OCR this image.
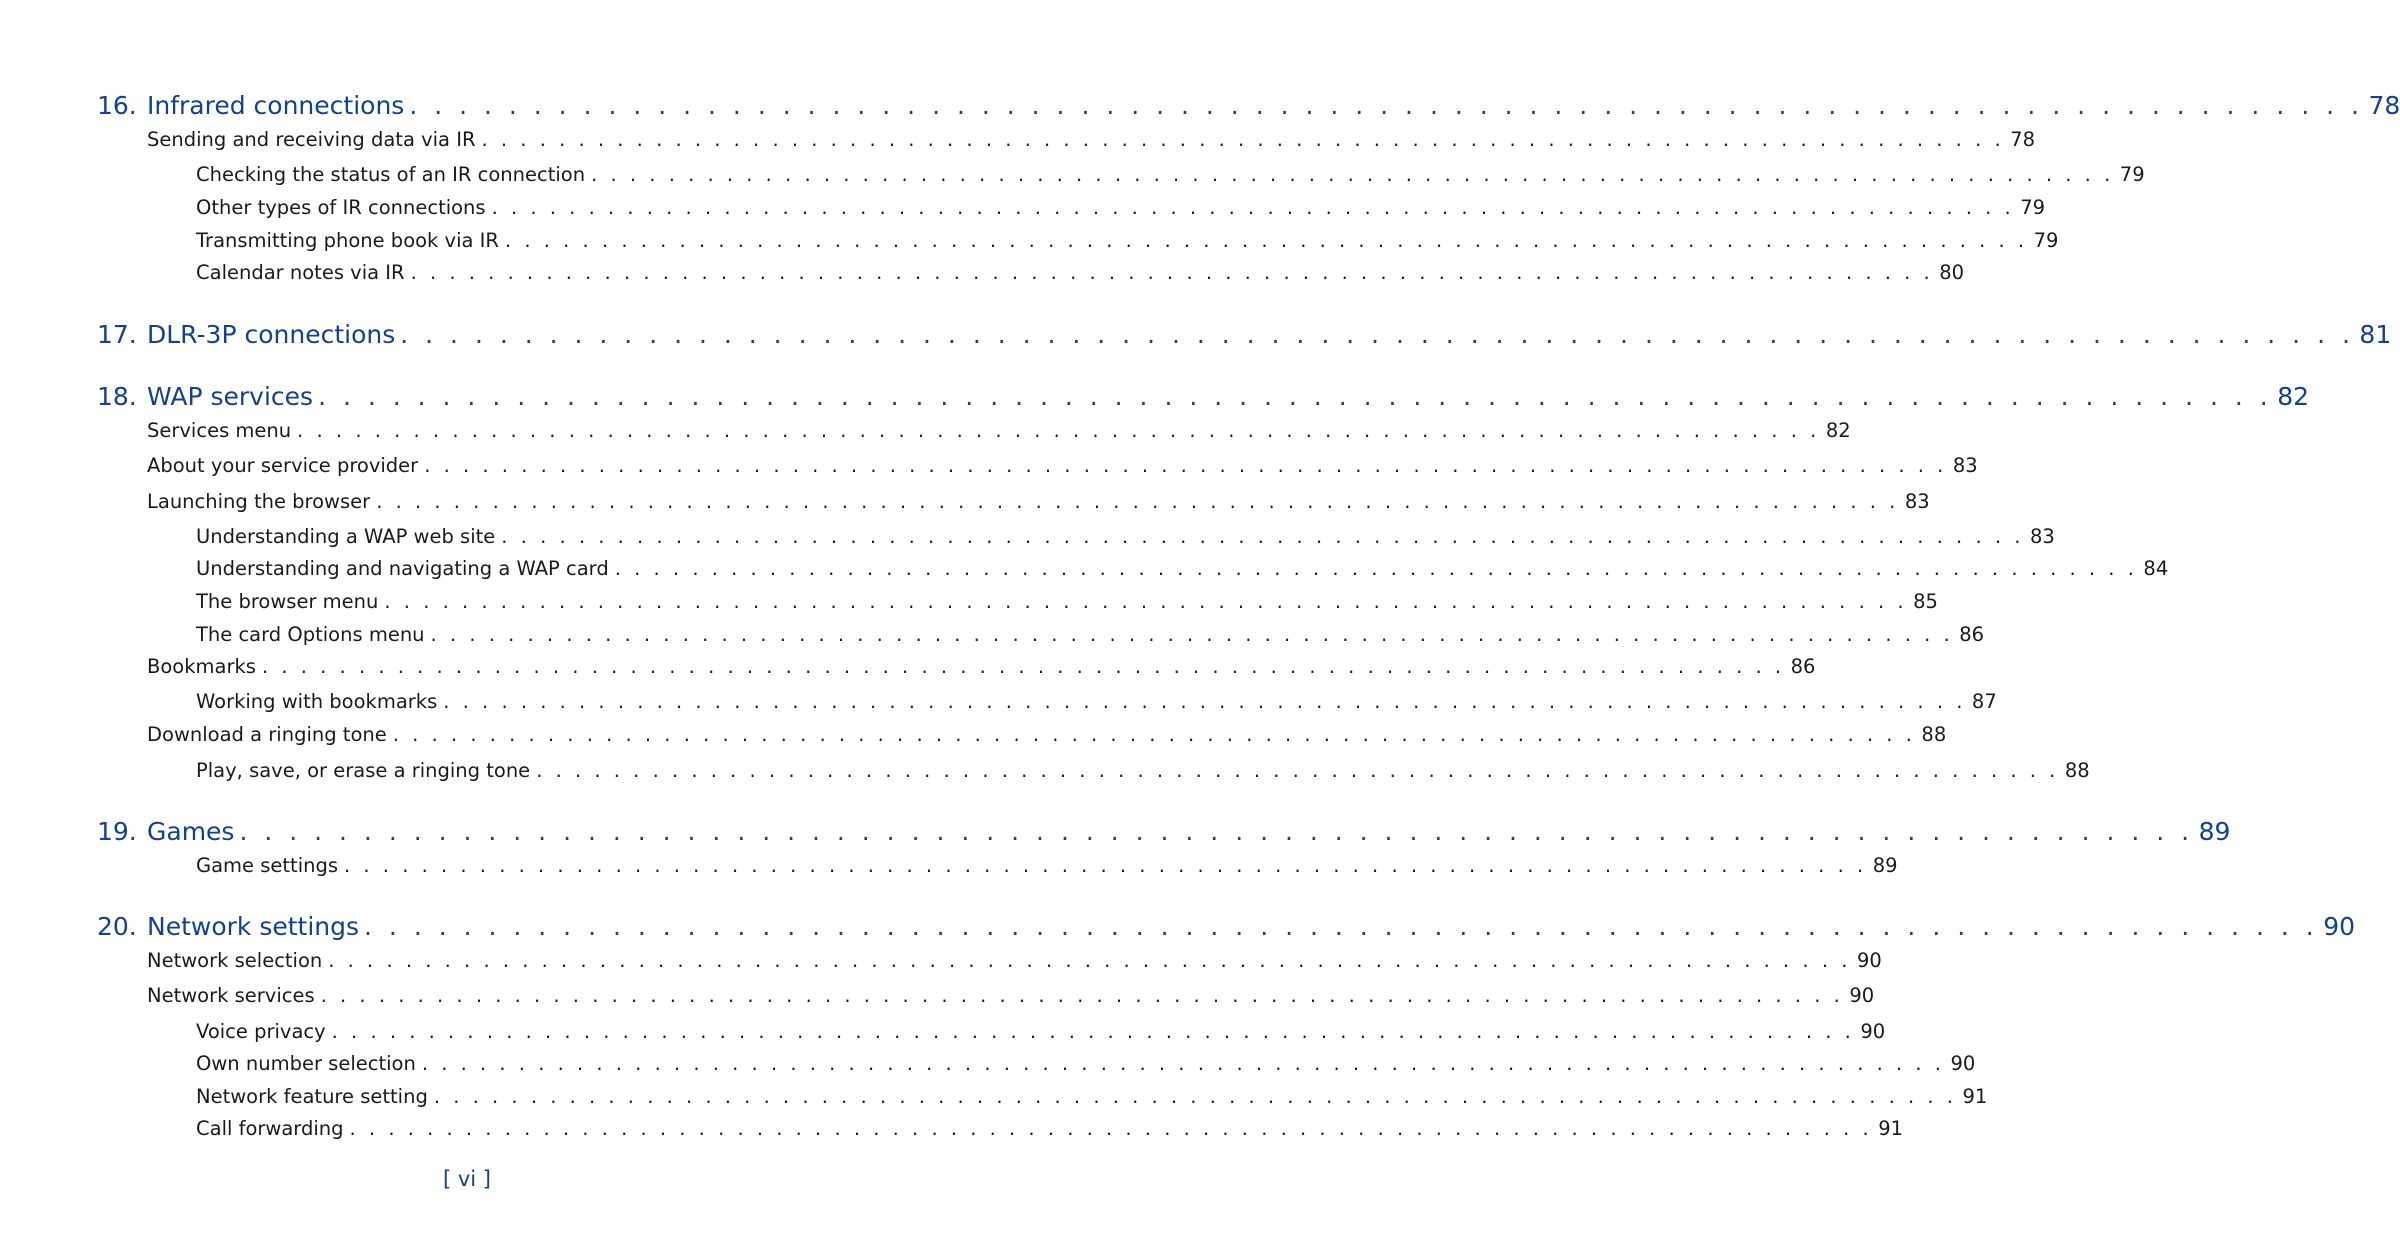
16. Infrared connections . . . . . . . . . . . . . . . . . . . . . . . . . . . . . . . . . . . . . . . . . . . . . . . . . . . . . . . . . . . . . . . . . . . . . . . . . . . . . . . 78
Sending and receiving data via IR . . . . . . . . . . . . . . . . . . . . . . . . . . . . . . . . . . . . . . . . . . . . . . . . . . . . . . . . . . . . . . . . . . . . . . . . . . . . . . . 78
Checking the status of an IR connection . . . . . . . . . . . . . . . . . . . . . . . . . . . . . . . . . . . . . . . . . . . . . . . . . . . . . . . . . . . . . . . . . . . . . . . . . . . . . . . 79
Other types of IR connections . . . . . . . . . . . . . . . . . . . . . . . . . . . . . . . . . . . . . . . . . . . . . . . . . . . . . . . . . . . . . . . . . . . . . . . . . . . . . . . 79
Transmitting phone book via IR . . . . . . . . . . . . . . . . . . . . . . . . . . . . . . . . . . . . . . . . . . . . . . . . . . . . . . . . . . . . . . . . . . . . . . . . . . . . . . . 79
Calendar notes via IR . . . . . . . . . . . . . . . . . . . . . . . . . . . . . . . . . . . . . . . . . . . . . . . . . . . . . . . . . . . . . . . . . . . . . . . . . . . . . . . 80
17. DLR-3P connections . . . . . . . . . . . . . . . . . . . . . . . . . . . . . . . . . . . . . . . . . . . . . . . . . . . . . . . . . . . . . . . . . . . . . . . . . . . . . . . 81
18. WAP services . . . . . . . . . . . . . . . . . . . . . . . . . . . . . . . . . . . . . . . . . . . . . . . . . . . . . . . . . . . . . . . . . . . . . . . . . . . . . . . 82
Services menu . . . . . . . . . . . . . . . . . . . . . . . . . . . . . . . . . . . . . . . . . . . . . . . . . . . . . . . . . . . . . . . . . . . . . . . . . . . . . . . 82
About your service provider . . . . . . . . . . . . . . . . . . . . . . . . . . . . . . . . . . . . . . . . . . . . . . . . . . . . . . . . . . . . . . . . . . . . . . . . . . . . . . . 83
Launching the browser . . . . . . . . . . . . . . . . . . . . . . . . . . . . . . . . . . . . . . . . . . . . . . . . . . . . . . . . . . . . . . . . . . . . . . . . . . . . . . . 83
Understanding a WAP web site . . . . . . . . . . . . . . . . . . . . . . . . . . . . . . . . . . . . . . . . . . . . . . . . . . . . . . . . . . . . . . . . . . . . . . . . . . . . . . . 83
Understanding and navigating a WAP card . . . . . . . . . . . . . . . . . . . . . . . . . . . . . . . . . . . . . . . . . . . . . . . . . . . . . . . . . . . . . . . . . . . . . . . . . . . . . . . 84
The browser menu . . . . . . . . . . . . . . . . . . . . . . . . . . . . . . . . . . . . . . . . . . . . . . . . . . . . . . . . . . . . . . . . . . . . . . . . . . . . . . . 85
The card Options menu . . . . . . . . . . . . . . . . . . . . . . . . . . . . . . . . . . . . . . . . . . . . . . . . . . . . . . . . . . . . . . . . . . . . . . . . . . . . . . . 86
Bookmarks . . . . . . . . . . . . . . . . . . . . . . . . . . . . . . . . . . . . . . . . . . . . . . . . . . . . . . . . . . . . . . . . . . . . . . . . . . . . . . . 86
Working with bookmarks . . . . . . . . . . . . . . . . . . . . . . . . . . . . . . . . . . . . . . . . . . . . . . . . . . . . . . . . . . . . . . . . . . . . . . . . . . . . . . . 87
Download a ringing tone . . . . . . . . . . . . . . . . . . . . . . . . . . . . . . . . . . . . . . . . . . . . . . . . . . . . . . . . . . . . . . . . . . . . . . . . . . . . . . . 88
Play, save, or erase a ringing tone . . . . . . . . . . . . . . . . . . . . . . . . . . . . . . . . . . . . . . . . . . . . . . . . . . . . . . . . . . . . . . . . . . . . . . . . . . . . . . . 88
19. Games . . . . . . . . . . . . . . . . . . . . . . . . . . . . . . . . . . . . . . . . . . . . . . . . . . . . . . . . . . . . . . . . . . . . . . . . . . . . . . . 89
Game settings . . . . . . . . . . . . . . . . . . . . . . . . . . . . . . . . . . . . . . . . . . . . . . . . . . . . . . . . . . . . . . . . . . . . . . . . . . . . . . . 89
20. Network settings . . . . . . . . . . . . . . . . . . . . . . . . . . . . . . . . . . . . . . . . . . . . . . . . . . . . . . . . . . . . . . . . . . . . . . . . . . . . . . . 90
Network selection . . . . . . . . . . . . . . . . . . . . . . . . . . . . . . . . . . . . . . . . . . . . . . . . . . . . . . . . . . . . . . . . . . . . . . . . . . . . . . . 90
Network services . . . . . . . . . . . . . . . . . . . . . . . . . . . . . . . . . . . . . . . . . . . . . . . . . . . . . . . . . . . . . . . . . . . . . . . . . . . . . . . 90
Voice privacy . . . . . . . . . . . . . . . . . . . . . . . . . . . . . . . . . . . . . . . . . . . . . . . . . . . . . . . . . . . . . . . . . . . . . . . . . . . . . . . 90
Own number selection . . . . . . . . . . . . . . . . . . . . . . . . . . . . . . . . . . . . . . . . . . . . . . . . . . . . . . . . . . . . . . . . . . . . . . . . . . . . . . . 90
Network feature setting . . . . . . . . . . . . . . . . . . . . . . . . . . . . . . . . . . . . . . . . . . . . . . . . . . . . . . . . . . . . . . . . . . . . . . . . . . . . . . . 91
Call forwarding . . . . . . . . . . . . . . . . . . . . . . . . . . . . . . . . . . . . . . . . . . . . . . . . . . . . . . . . . . . . . . . . . . . . . . . . . . . . . . . 91
[ vi ]
